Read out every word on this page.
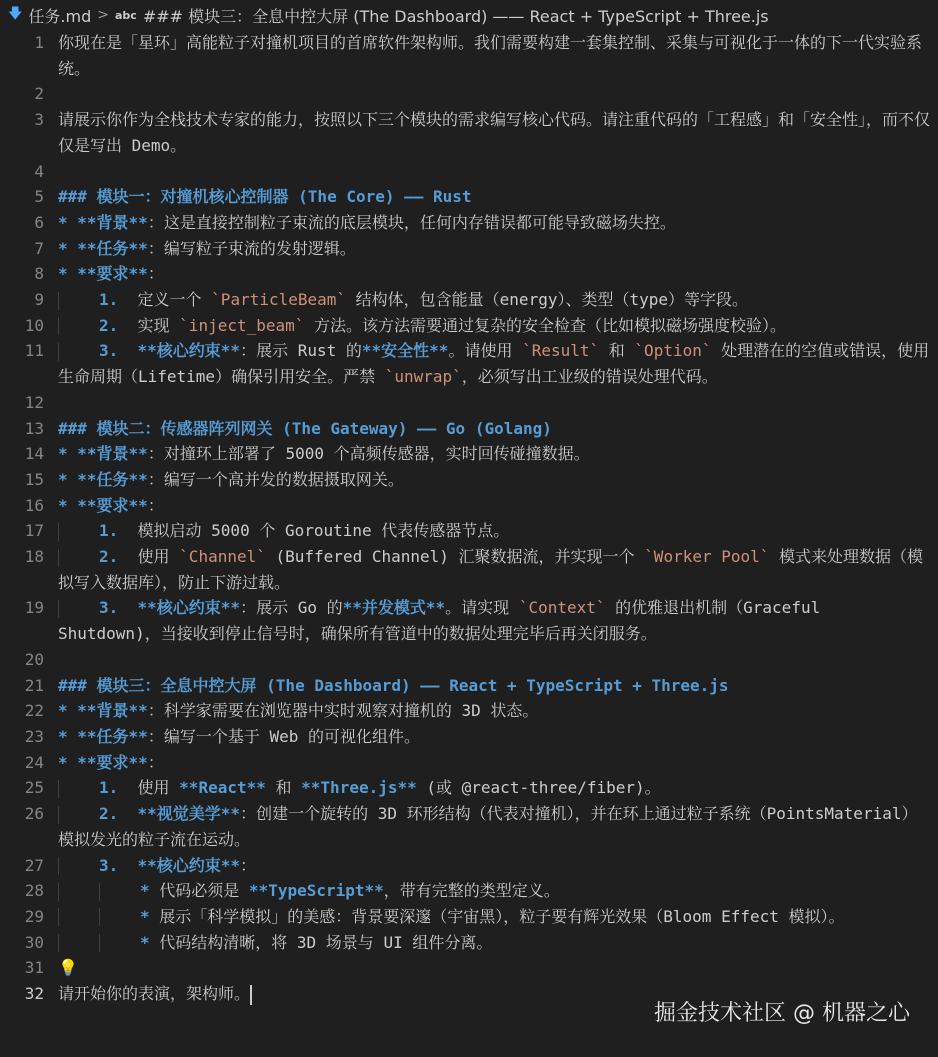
🡇 任务.md > abc ### 模块三：全息中控大屏 (The Dashboard) —— React + TypeScript + Three.js
1 你现在是「星环」高能粒子对撞机项目的首席软件架构师。我们需要构建一套集控制、采集与可视化于一体的下一代实验系统。
2
3 请展示你作为全栈技术专家的能力，按照以下三个模块的需求编写核心代码。请注重代码的「工程感」和「安全性」，而不仅仅是写出 Demo。
4
5 ### 模块一：对撞机核心控制器 (The Core) —— Rust
6 * **背景**：这是直接控制粒子束流的底层模块，任何内存错误都可能导致磁场失控。
7 * **任务**：编写粒子束流的发射逻辑。
8 * **要求**：
9	1.  定义一个 `ParticleBeam` 结构体，包含能量（energy）、类型（type）等字段。
10	2.  实现 `inject_beam` 方法。该方法需要通过复杂的安全检查（比如模拟磁场强度校验）。
11	3. **核心约束**：展示 Rust 的**安全性**。请使用 `Result` 和 `Option` 处理潜在的空值或错误，使用生命周期（Lifetime）确保引用安全。严禁 `unwrap`，必须写出工业级的错误处理代码。
12
13 ### 模块二：传感器阵列网关 (The Gateway) —— Go (Golang)
14 * **背景**：对撞环上部署了 5000 个高频传感器，实时回传碰撞数据。
15 * **任务**：编写一个高并发的数据摄取网关。
16 * **要求**：
17	1.  模拟启动 5000 个 Goroutine 代表传感器节点。
18	2.  使用 `Channel` (Buffered Channel) 汇聚数据流，并实现一个 `Worker Pool` 模式来处理数据（模拟写入数据库），防止下游过载。
19	3. **核心约束**：展示 Go 的**并发模式**。请实现 `Context` 的优雅退出机制（Graceful Shutdown)，当接收到停止信号时，确保所有管道中的数据处理完毕后再关闭服务。
20
21 ### 模块三：全息中控大屏 (The Dashboard) —— React + TypeScript + Three.js
22 * **背景**：科学家需要在浏览器中实时观察对撞机的 3D 状态。
23 * **任务**：编写一个基于 Web 的可视化组件。
24 * **要求**：
25	1.  使用 **React** 和 **Three.js** (或 @react-three/fiber)。
26	2. **视觉美学**：创建一个旋转的 3D 环形结构（代表对撞机），并在环上通过粒子系统（PointsMaterial）模拟发光的粒子流在运动。
27	3. **核心约束**：
28	* 代码必须是 **TypeScript**，带有完整的类型定义。
29	* 展示「科学模拟」的美感：背景要深邃（宇宙黑），粒子要有辉光效果（Bloom Effect 模拟）。
30	* 代码结构清晰，将 3D 场景与 UI 组件分离。
31 💡
32 请开始你的表演，架构师。
掘金技术社区 @ 机器之心
